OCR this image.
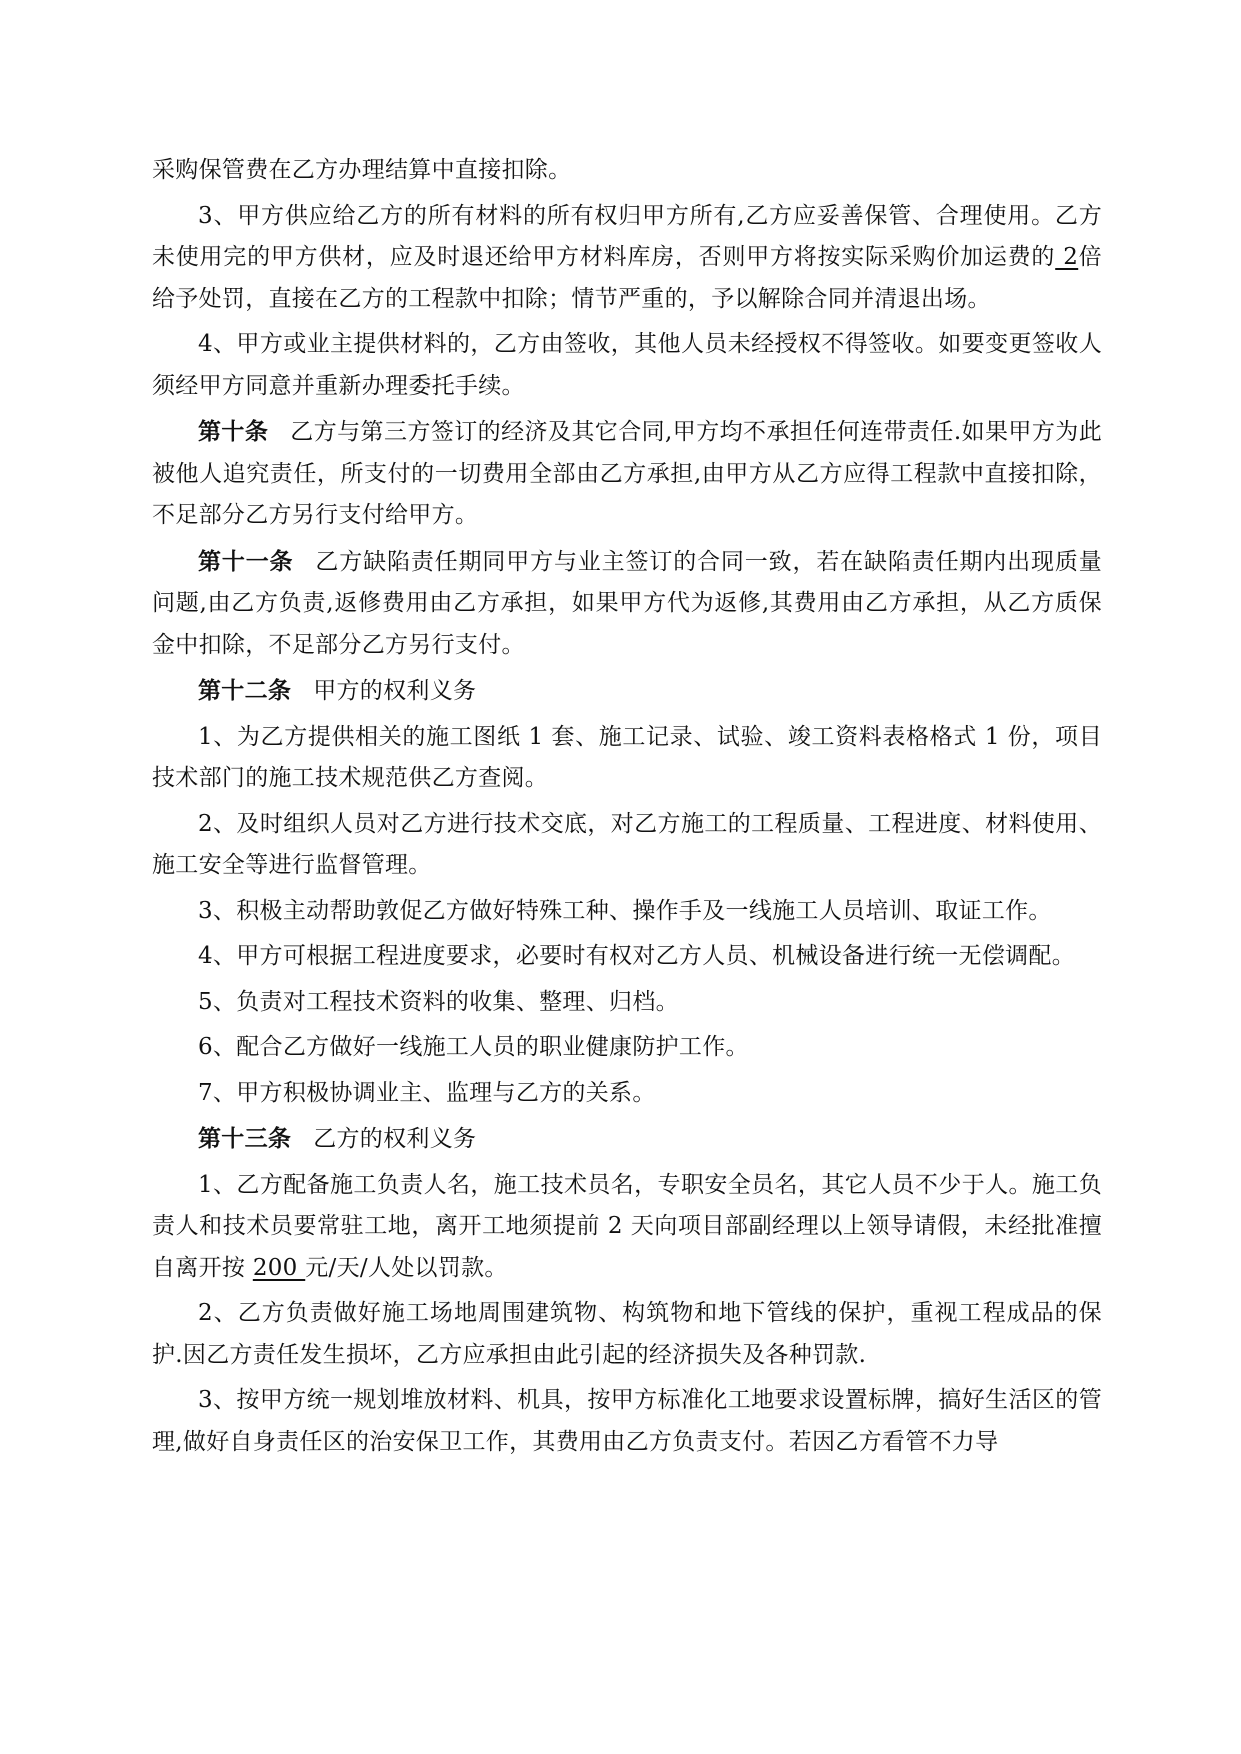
采购保管费在乙方办理结算中直接扣除。

3、甲方供应给乙方的所有材料的所有权归甲方所有,乙方应妥善保管、合理使用。乙方未使用完的甲方供材，应及时退还给甲方材料库房，否则甲方将按实际采购价加运费的 2倍给予处罚，直接在乙方的工程款中扣除；情节严重的，予以解除合同并清退出场。

4、甲方或业主提供材料的，乙方由签收，其他人员未经授权不得签收。如要变更签收人须经甲方同意并重新办理委托手续。

第十条 乙方与第三方签订的经济及其它合同,甲方均不承担任何连带责任.如果甲方为此被他人追究责任，所支付的一切费用全部由乙方承担,由甲方从乙方应得工程款中直接扣除，不足部分乙方另行支付给甲方。

第十一条 乙方缺陷责任期同甲方与业主签订的合同一致，若在缺陷责任期内出现质量问题,由乙方负责,返修费用由乙方承担，如果甲方代为返修,其费用由乙方承担，从乙方质保金中扣除，不足部分乙方另行支付。

第十二条 甲方的权利义务

1、为乙方提供相关的施工图纸 1 套、施工记录、试验、竣工资料表格格式 1 份，项目技术部门的施工技术规范供乙方查阅。

2、及时组织人员对乙方进行技术交底，对乙方施工的工程质量、工程进度、材料使用、施工安全等进行监督管理。

3、积极主动帮助敦促乙方做好特殊工种、操作手及一线施工人员培训、取证工作。

4、甲方可根据工程进度要求，必要时有权对乙方人员、机械设备进行统一无偿调配。

5、负责对工程技术资料的收集、整理、归档。

6、配合乙方做好一线施工人员的职业健康防护工作。

7、甲方积极协调业主、监理与乙方的关系。

第十三条 乙方的权利义务

1、乙方配备施工负责人名，施工技术员名，专职安全员名，其它人员不少于人。施工负责人和技术员要常驻工地，离开工地须提前 2 天向项目部副经理以上领导请假，未经批准擅自离开按 200 元/天/人处以罚款。

2、乙方负责做好施工场地周围建筑物、构筑物和地下管线的保护，重视工程成品的保护.因乙方责任发生损坏，乙方应承担由此引起的经济损失及各种罚款.

3、按甲方统一规划堆放材料、机具，按甲方标准化工地要求设置标牌，搞好生活区的管理,做好自身责任区的治安保卫工作，其费用由乙方负责支付。若因乙方看管不力导
